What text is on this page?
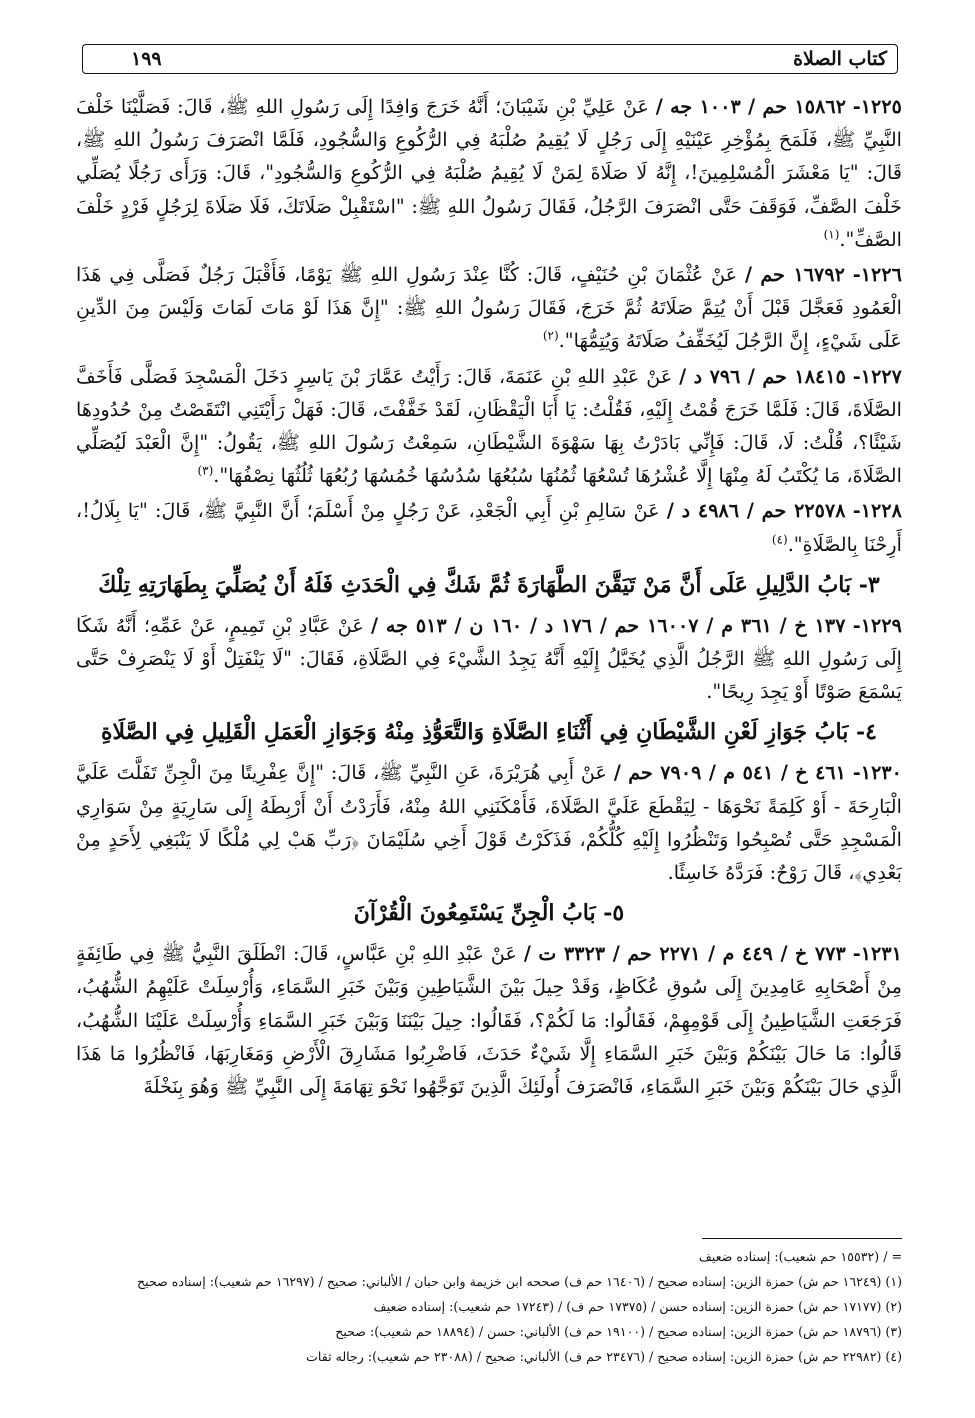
كتاب الصلاة
١٩٩

١٢٢٥- ١٥٨٦٢ حم / ١٠٠٣ جه / عَنْ عَلِيِّ بْنِ شَيْبَانَ؛ أَنَّهُ خَرَجَ وَافِدًا إِلَى رَسُولِ اللهِ ﷺ، قَالَ: فَصَلَّيْنَا خَلْفَ النَّبِيِّ ﷺ، فَلَمَحَ بِمُؤْخِرِ عَيْنَيْهِ إِلَى رَجُلٍ لَا يُقِيمُ صُلْبَهُ فِي الرُّكُوعِ وَالسُّجُودِ، فَلَمَّا انْصَرَفَ رَسُولُ اللهِ ﷺ، قَالَ: "يَا مَعْشَرَ الْمُسْلِمِينَ!، إِنَّهُ لَا صَلَاةَ لِمَنْ لَا يُقِيمُ صُلْبَهُ فِي الرُّكُوعِ وَالسُّجُودِ"، قَالَ: وَرَأَى رَجُلًا يُصَلِّي خَلْفَ الصَّفِّ، فَوَقَفَ حَتَّى انْصَرَفَ الرَّجُلُ، فَقَالَ رَسُولُ اللهِ ﷺ: "اسْتَقْبِلْ صَلَاتَكَ، فَلَا صَلَاةَ لِرَجُلٍ فَرْدٍ خَلْفَ الصَّفِّ".$^{(١)}$

١٢٢٦- ١٦٧٩٢ حم / عَنْ عُثْمَانَ بْنِ حُنَيْفٍ، قَالَ: كُنَّا عِنْدَ رَسُولِ اللهِ ﷺ يَوْمًا، فَأَقْبَلَ رَجُلٌ فَصَلَّى فِي هَذَا الْعَمُودِ فَعَجَّلَ قَبْلَ أَنْ يُتِمَّ صَلَاتَهُ ثُمَّ خَرَجَ، فَقَالَ رَسُولُ اللهِ ﷺ: "إِنَّ هَذَا لَوْ مَاتَ لَمَاتَ وَلَيْسَ مِنَ الدِّينِ عَلَى شَيْءٍ، إِنَّ الرَّجُلَ لَيُخَفِّفُ صَلَاتَهُ وَيُتِمُّهَا".$^{(٢)}$

١٢٢٧- ١٨٤١٥ حم / ٧٩٦ د / عَنْ عَبْدِ اللهِ بْنِ عَنَمَةَ، قَالَ: رَأَيْتُ عَمَّارَ بْنَ يَاسِرٍ دَخَلَ الْمَسْجِدَ فَصَلَّى فَأَخَفَّ الصَّلَاةَ، قَالَ: فَلَمَّا خَرَجَ قُمْتُ إِلَيْهِ، فَقُلْتُ: يَا أَبَا الْيَقْظَانِ، لَقَدْ خَفَّفْتَ، قَالَ: فَهَلْ رَأَيْتَنِي انْتَقَصْتُ مِنْ حُدُودِهَا شَيْئًا؟، قُلْتُ: لَا، قَالَ: فَإِنِّي بَادَرْتُ بِهَا سَهْوَةَ الشَّيْطَانِ، سَمِعْتُ رَسُولَ اللهِ ﷺ، يَقُولُ: "إِنَّ الْعَبْدَ لَيُصَلِّي الصَّلَاةَ، مَا يُكْتَبُ لَهُ مِنْهَا إِلَّا عُشْرُهَا تُسْعُهَا ثُمُنُهَا سُبُعُهَا سُدُسُهَا خُمُسُهَا رُبُعُهَا ثُلُثُهَا نِصْفُهَا".$^{(٣)}$

١٢٢٨- ٢٢٥٧٨ حم / ٤٩٨٦ د / عَنْ سَالِمِ بْنِ أَبِي الْجَعْدِ، عَنْ رَجُلٍ مِنْ أَسْلَمَ؛ أَنَّ النَّبِيَّ ﷺ، قَالَ: "يَا بِلَالُ!، أَرِحْنَا بِالصَّلَاةِ".$^{(٤)}$

٣- بَابُ الدَّلِيلِ عَلَى أَنَّ مَنْ تَيَقَّنَ الطَّهَارَةَ ثُمَّ شَكَّ فِي الْحَدَثِ فَلَهُ أَنْ يُصَلِّيَ بِطَهَارَتِهِ تِلْكَ

١٢٢٩- ١٣٧ خ / ٣٦١ م / ١٦٠٠٧ حم / ١٧٦ د / ١٦٠ ن / ٥١٣ جه / عَنْ عَبَّادِ بْنِ تَمِيمٍ، عَنْ عَمِّهِ؛ أَنَّهُ شَكَا إِلَى رَسُولِ اللهِ ﷺ الرَّجُلُ الَّذِي يُخَيَّلُ إِلَيْهِ أَنَّهُ يَجِدُ الشَّيْءَ فِي الصَّلَاةِ، فَقَالَ: "لَا يَنْفَتِلْ أَوْ لَا يَنْصَرِفْ حَتَّى يَسْمَعَ صَوْتًا أَوْ يَجِدَ رِيحًا".

٤- بَابُ جَوَازِ لَعْنِ الشَّيْطَانِ فِي أَثْنَاءِ الصَّلَاةِ وَالتَّعَوُّذِ مِنْهُ وَجَوَازِ الْعَمَلِ الْقَلِيلِ فِي الصَّلَاةِ

١٢٣٠- ٤٦١ خ / ٥٤١ م / ٧٩٠٩ حم / عَنْ أَبِي هُرَيْرَةَ، عَنِ النَّبِيِّ ﷺ، قَالَ: "إِنَّ عِفْرِيتًا مِنَ الْجِنِّ تَفَلَّتَ عَلَيَّ الْبَارِحَةَ - أَوْ كَلِمَةً نَحْوَهَا - لِيَقْطَعَ عَلَيَّ الصَّلَاةَ، فَأَمْكَنَنِي اللهُ مِنْهُ، فَأَرَدْتُ أَنْ أَرْبِطَهُ إِلَى سَارِيَةٍ مِنْ سَوَارِي الْمَسْجِدِ حَتَّى تُصْبِحُوا وَتَنْظُرُوا إِلَيْهِ كُلُّكُمْ، فَذَكَرْتُ قَوْلَ أَخِي سُلَيْمَانَ ﴿رَبِّ هَبْ لِي مُلْكًا لَا يَنْبَغِي لِأَحَدٍ مِنْ بَعْدِي﴾، قَالَ رَوْحٌ: فَرَدَّهُ خَاسِئًا.

٥- بَابُ الْجِنِّ يَسْتَمِعُونَ الْقُرْآنَ

١٢٣١- ٧٧٣ خ / ٤٤٩ م / ٢٢٧١ حم / ٣٣٢٣ ت / عَنْ عَبْدِ اللهِ بْنِ عَبَّاسٍ، قَالَ: انْطَلَقَ النَّبِيُّ ﷺ فِي طَائِفَةٍ مِنْ أَصْحَابِهِ عَامِدِينَ إِلَى سُوقِ عُكَاظٍ، وَقَدْ حِيلَ بَيْنَ الشَّيَاطِينِ وَبَيْنَ خَبَرِ السَّمَاءِ، وَأُرْسِلَتْ عَلَيْهِمُ الشُّهُبُ، فَرَجَعَتِ الشَّيَاطِينُ إِلَى قَوْمِهِمْ، فَقَالُوا: مَا لَكُمْ؟، فَقَالُوا: حِيلَ بَيْنَنَا وَبَيْنَ خَبَرِ السَّمَاءِ وَأُرْسِلَتْ عَلَيْنَا الشُّهُبُ، قَالُوا: مَا حَالَ بَيْنَكُمْ وَبَيْنَ خَبَرِ السَّمَاءِ إِلَّا شَيْءٌ حَدَثَ، فَاضْرِبُوا مَشَارِقَ الْأَرْضِ وَمَغَارِبَهَا، فَانْظُرُوا مَا هَذَا الَّذِي حَالَ بَيْنَكُمْ وَبَيْنَ خَبَرِ السَّمَاءِ، فَانْصَرَفَ أُولَئِكَ الَّذِينَ تَوَجَّهُوا نَحْوَ تِهَامَةَ إِلَى النَّبِيِّ ﷺ وَهُوَ بِنَخْلَةَ

= / (١٥٥٣٢ حم شعيب): إسناده ضعيف
(١) (١٦٢٤٩ حم ش) حمزة الزين: إسناده صحيح / (١٦٤٠٦ حم ف) صححه ابن خزيمة وابن حبان / الألباني: صحيح / (١٦٢٩٧ حم شعيب): إسناده صحيح
(٢) (١٧١٧٧ حم ش) حمزة الزين: إسناده حسن / (١٧٣٧٥ حم ف) / (١٧٢٤٣ حم شعيب): إسناده ضعيف
(٣) (١٨٧٩٦ حم ش) حمزة الزين: إسناده صحيح / (١٩١٠٠ حم ف) الألباني: حسن / (١٨٨٩٤ حم شعيب): صحيح
(٤) (٢٢٩٨٢ حم ش) حمزة الزين: إسناده صحيح / (٢٣٤٧٦ حم ف) الألباني: صحيح / (٢٣٠٨٨ حم شعيب): رجاله ثقات
